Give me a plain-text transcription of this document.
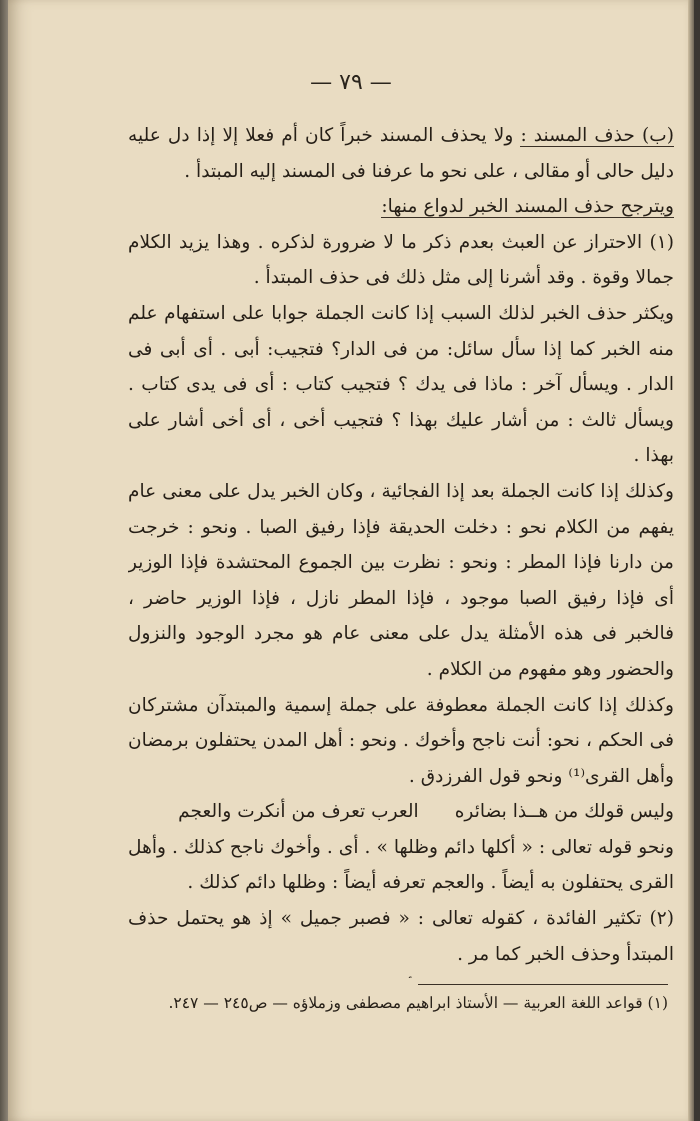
— ٧٩ —

(ب) حذف المسند : ولا يحذف المسند خبراً كان أم فعلا إلا إذا دل عليه دليل حالى أو مقالى ، على نحو ما عرفنا فى المسند إليه المبتدأ .

ويترجح حذف المسند الخبر لدواع منها:

(١) الاحتراز عن العبث بعدم ذكر ما لا ضرورة لذكره . وهذا يزيد الكلام جمالا وقوة . وقد أشرنا إلى مثل ذلك فى حذف المبتدأ .

ويكثر حذف الخبر لذلك السبب إذا كانت الجملة جوابا على استفهام علم منه الخبر كما إذا سأل سائل: من فى الدار؟ فتجيب: أبى . أى أبى فى الدار . ويسأل آخر : ماذا فى يدك ؟ فتجيب كتاب : أى فى يدى كتاب . ويسأل ثالث : من أشار عليك بهذا ؟ فتجيب أخى ، أى أخى أشار على بهذا .

وكذلك إذا كانت الجملة بعد إذا الفجائية ، وكان الخبر يدل على معنى عام يفهم من الكلام نحو : دخلت الحديقة فإذا رفيق الصبا . ونحو : خرجت من دارنا فإذا المطر : ونحو : نظرت بين الجموع المحتشدة فإذا الوزير أى فإذا رفيق الصبا موجود ، فإذا المطر نازل ، فإذا الوزير حاضر ، فالخبر فى هذه الأمثلة يدل على معنى عام هو مجرد الوجود والنزول والحضور وهو مفهوم من الكلام .

وكذلك إذا كانت الجملة معطوفة على جملة إسمية والمبتدآن مشتركان فى الحكم ، نحو: أنت ناجح وأخوك . ونحو : أهل المدن يحتفلون برمضان وأهل القرى⁽¹⁾ ونحو قول الفرزدق .

وليس قولك من هــذا بضائره
العرب تعرف من أنكرت والعجم

ونحو قوله تعالى : « أكلها دائم وظلها » . أى . وأخوك ناجح كذلك . وأهل القرى يحتفلون به أيضاً . والعجم تعرفه أيضاً : وظلها دائم كذلك .

(٢) تكثير الفائدة ، كقوله تعالى : « فصبر جميل » إذ هو يحتمل حذف المبتدأ وحذف الخبر كما مر .

(١) قواعد اللغة العربية — الأستاذ ابراهيم مصطفى وزملاؤه — ص٢٤٥ — ٢٤٧.
